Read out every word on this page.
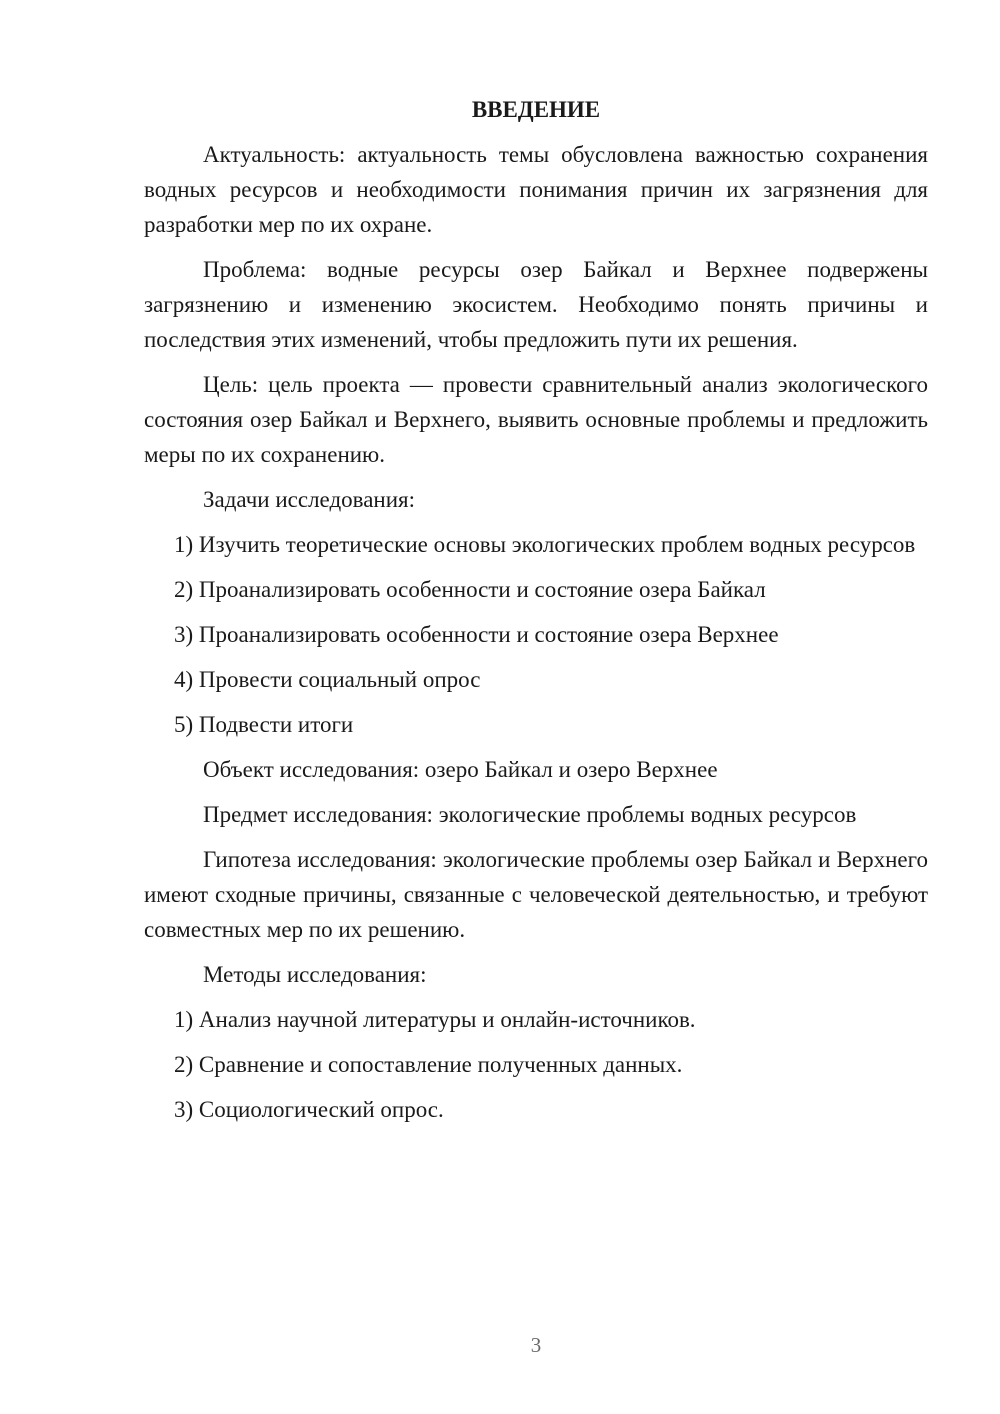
ВВЕДЕНИЕ

Актуальность: актуальность темы обусловлена важностью сохранения водных ресурсов и необходимости понимания причин их загрязнения для разработки мер по их охране.

Проблема: водные ресурсы озер Байкал и Верхнее подвержены загрязнению и изменению экосистем. Необходимо понять причины и последствия этих изменений, чтобы предложить пути их решения.

Цель: цель проекта — провести сравнительный анализ экологического состояния озер Байкал и Верхнего, выявить основные проблемы и предложить меры по их сохранению.

Задачи исследования:

1) Изучить теоретические основы экологических проблем водных ресурсов

2) Проанализировать особенности и состояние озера Байкал
3) Проанализировать особенности и состояние озера Верхнее
4) Провести социальный опрос
5) Подвести итоги
Объект исследования: озеро Байкал и озеро Верхнее
Предмет исследования: экологические проблемы водных ресурсов

Гипотеза исследования: экологические проблемы озер Байкал и Верхнего имеют сходные причины, связанные с человеческой деятельностью, и требуют совместных мер по их решению.

Методы исследования:
1) Анализ научной литературы и онлайн-источников.
2) Сравнение и сопоставление полученных данных.
3) Социологический опрос.
3
